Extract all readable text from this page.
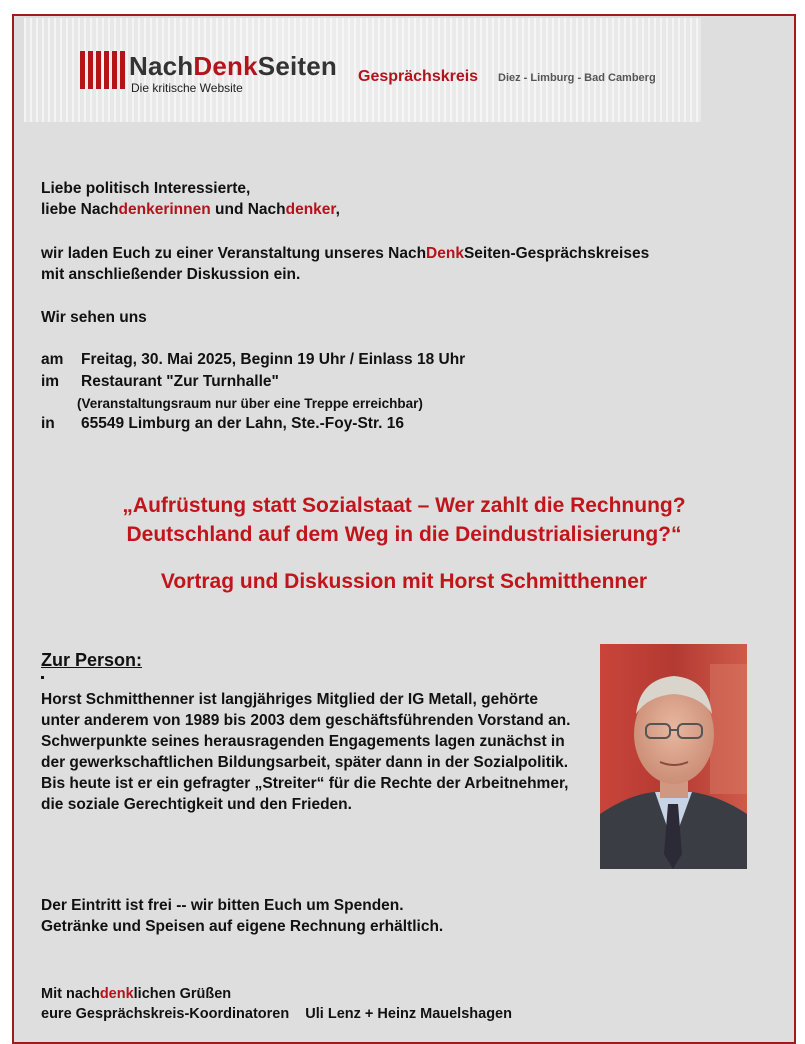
NachDenkSeiten
Die kritische Website
Gesprächskreis Diez - Limburg - Bad Camberg
Liebe politisch Interessierte,
liebe Nachdenkerinnen und Nachdenker,
wir laden Euch zu einer Veranstaltung unseres NachDenkSeiten-Gesprächskreises
mit anschließender Diskussion ein.
Wir sehen uns
am Freitag, 30. Mai 2025, Beginn 19 Uhr / Einlass 18 Uhr
im Restaurant "Zur Turnhalle"
(Veranstaltungsraum nur über eine Treppe erreichbar)
in 65549 Limburg an der Lahn, Ste.-Foy-Str. 16
„Aufrüstung statt Sozialstaat – Wer zahlt die Rechnung?
Deutschland auf dem Weg in die Deindustrialisierung?“
Vortrag und Diskussion mit Horst Schmitthenner
Zur Person:
Horst Schmitthenner ist langjähriges Mitglied der IG Metall, gehörte unter anderem von 1989 bis 2003 dem geschäftsführenden Vorstand an. Schwerpunkte seines herausragenden Engagements lagen zunächst in der gewerkschaftlichen Bildungsarbeit, später dann in der Sozialpolitik. Bis heute ist er ein gefragter „Streiter“ für die Rechte der Arbeitnehmer, die soziale Gerechtigkeit und den Frieden.
Der Eintritt ist frei -- wir bitten Euch um Spenden.
Getränke und Speisen auf eigene Rechnung erhältlich.
Mit nachdenklichen Grüßen
eure Gesprächskreis-Koordinatoren    Uli Lenz + Heinz Mauelshagen
